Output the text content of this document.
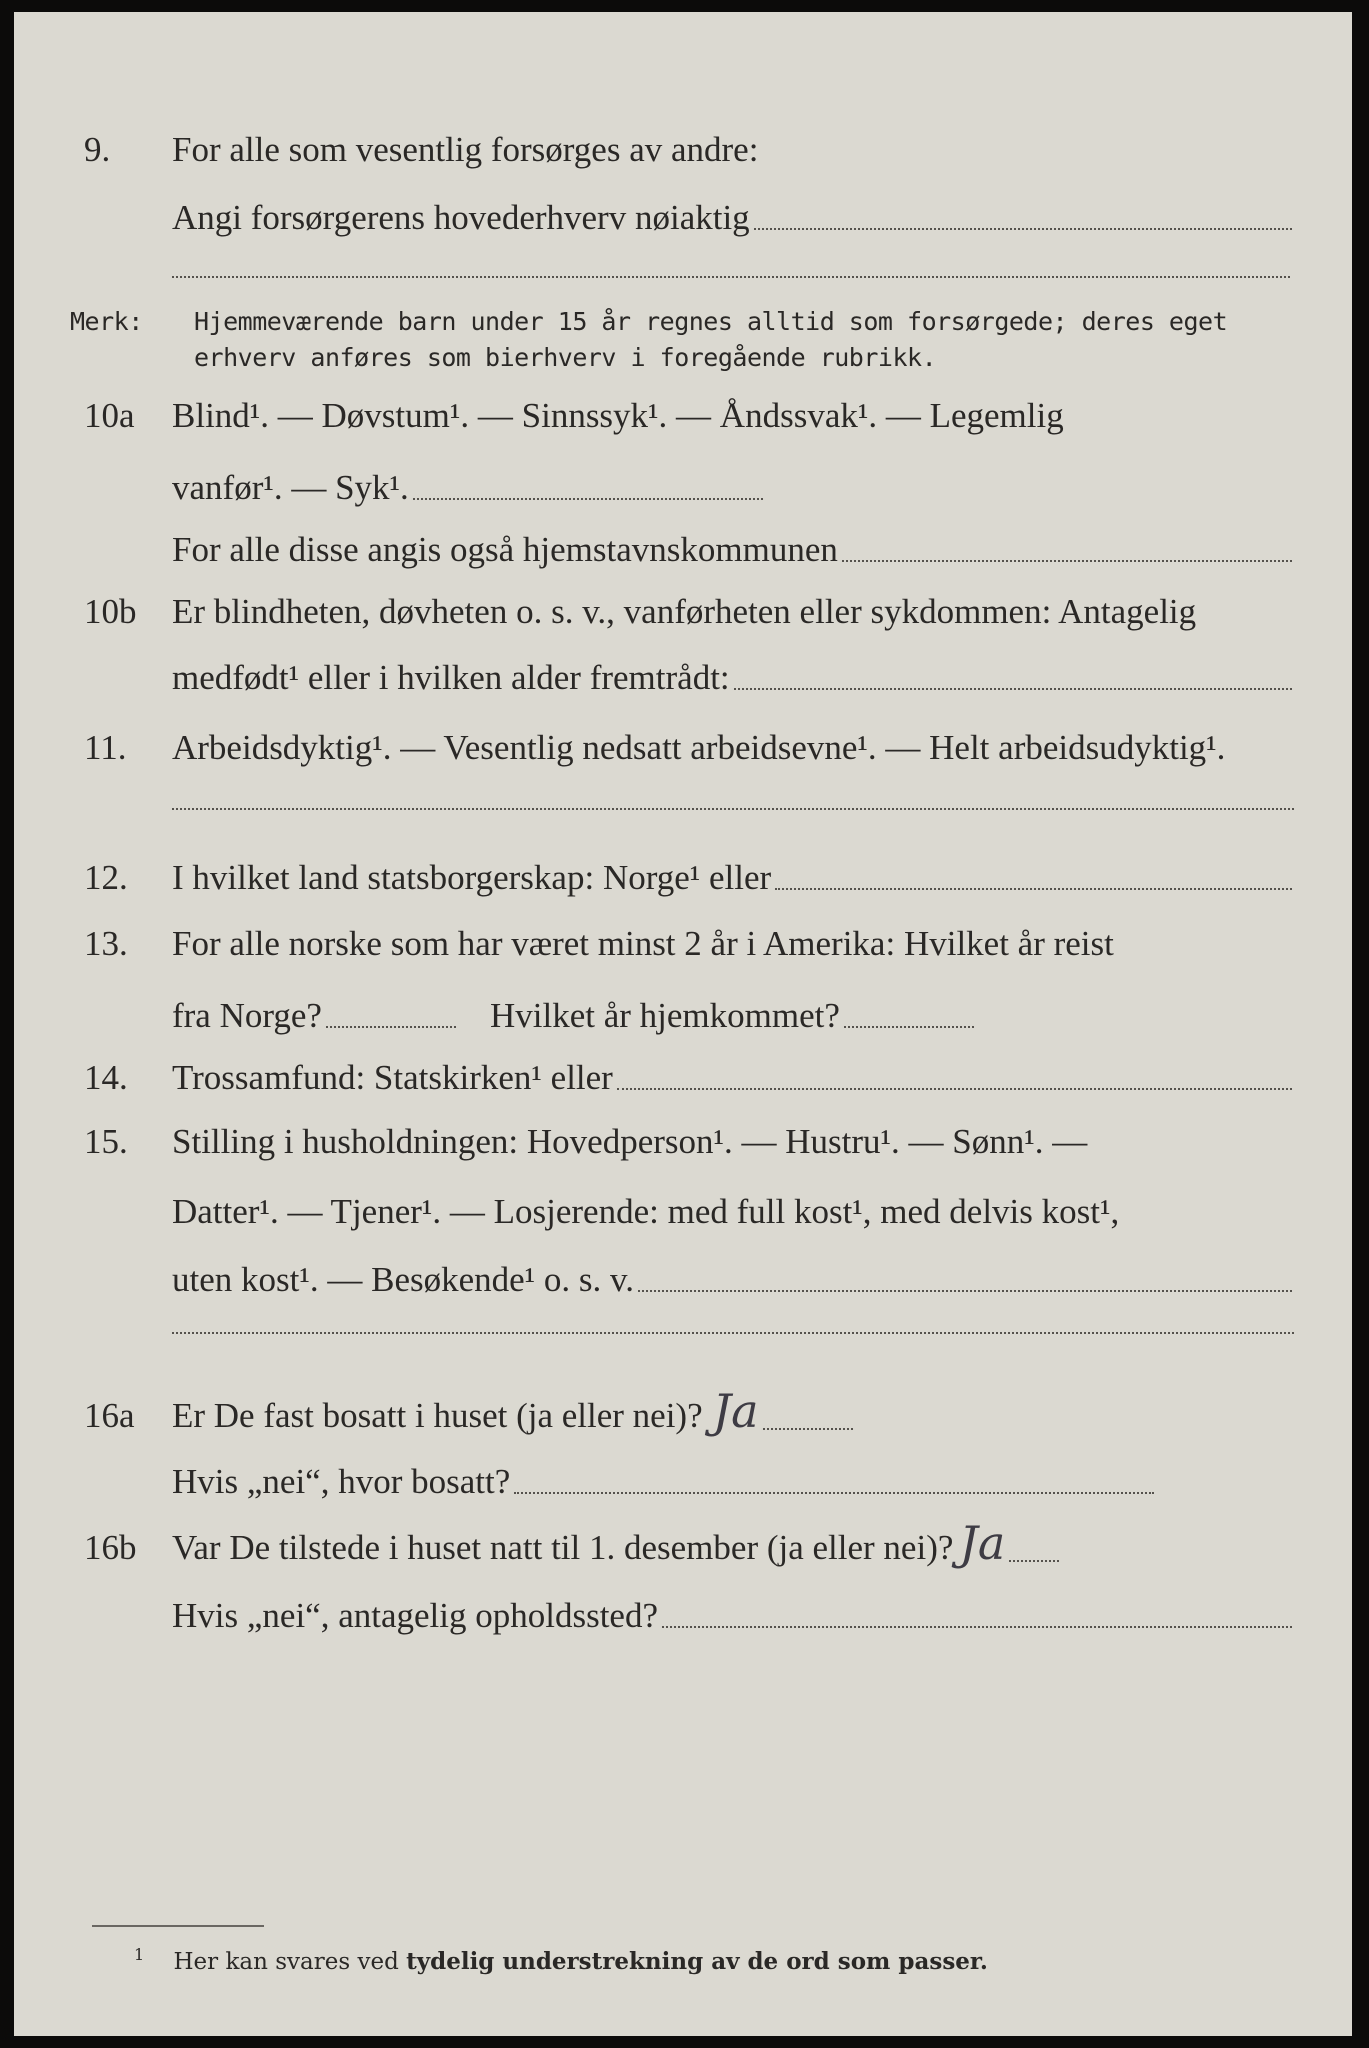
9.	For alle som vesentlig forsørges av andre:
Angi forsørgerens hovederhverv nøiaktig
Merk: Hjemmeværende barn under 15 år regnes alltid som forsørgede; deres eget erhverv anføres som bierhverv i foregående rubrikk.
10a	Blind¹. — Døvstum¹. — Sinnssyk¹. — Åndssvak¹. — Legemlig
vanfør¹. — Syk¹.
For alle disse angis også hjemstavnskommunen
10b	Er blindheten, døvheten o. s. v., vanførheten eller sykdommen: Antagelig
medfødt¹ eller i hvilken alder fremtrådt:
11.	Arbeidsdyktig¹. — Vesentlig nedsatt arbeidsevne¹. — Helt arbeidsudyktig¹.
12.	I hvilket land statsborgerskap: Norge¹ eller
13.	For alle norske som har været minst 2 år i Amerika: Hvilket år reist
fra Norge?	Hvilket år hjemkommet?
14.	Trossamfund: Statskirken¹ eller
15.	Stilling i husholdningen: Hovedperson¹. — Hustru¹. — Sønn¹. —
Datter¹. — Tjener¹. — Losjerende: med full kost¹, med delvis kost¹,
uten kost¹. — Besøkende¹ o. s. v.
16a	Er De fast bosatt i huset (ja eller nei)? Ja
Hvis „nei“, hvor bosatt?
16b	Var De tilstede i huset natt til 1. desember (ja eller nei)? Ja
Hvis „nei“, antagelig opholdssted?
$^1$ Her kan svares ved tydelig understrekning av de ord som passer.
